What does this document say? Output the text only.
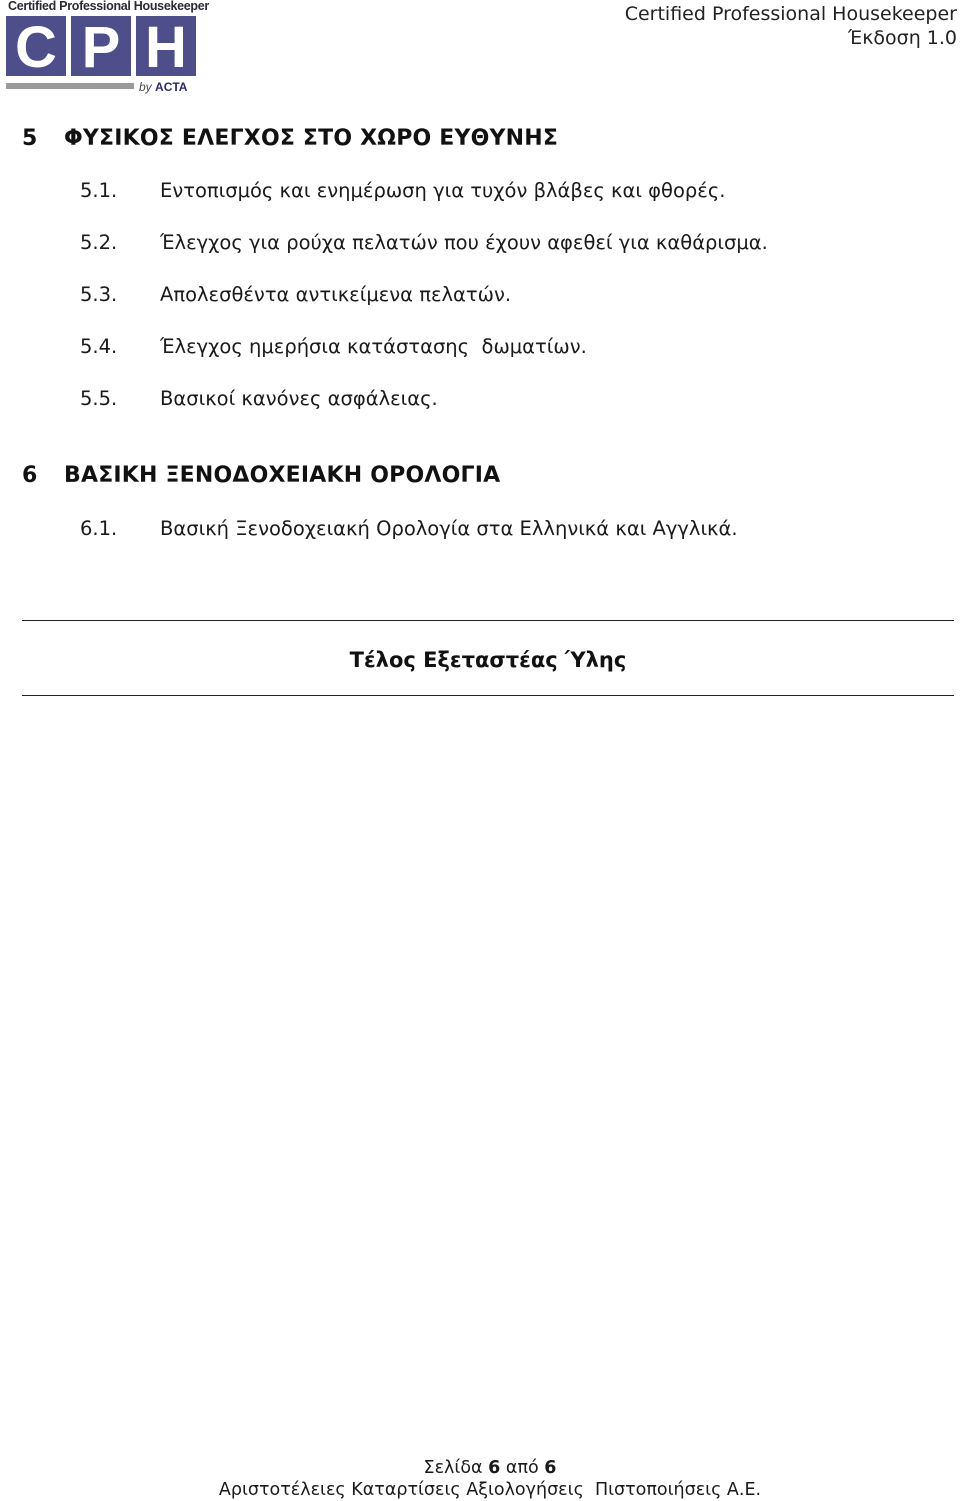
Certified Professional Housekeeper
C P H
by ACTA
Certified Professional Housekeeper
Έκδοση 1.0
5 ΦΥΣΙΚΟΣ ΕΛΕΓΧΟΣ ΣΤΟ ΧΩΡΟ ΕΥΘΥΝΗΣ
5.1. Εντοπισμός και ενημέρωση για τυχόν βλάβες και φθορές.
5.2. Έλεγχος για ρούχα πελατών που έχουν αφεθεί για καθάρισμα.
5.3. Απολεσθέντα αντικείμενα πελατών.
5.4. Έλεγχος ημερήσια κατάστασης  δωματίων.
5.5. Βασικοί κανόνες ασφάλειας.
6 ΒΑΣΙΚΗ ΞΕΝΟΔΟΧΕΙΑΚΗ ΟΡΟΛΟΓΙΑ
6.1. Βασική Ξενοδοχειακή Ορολογία στα Ελληνικά και Αγγλικά.
Τέλος Εξεταστέας Ύλης
Σελίδα 6 από 6
Αριστοτέλειες Καταρτίσεις Αξιολογήσεις  Πιστοποιήσεις Α.Ε.
